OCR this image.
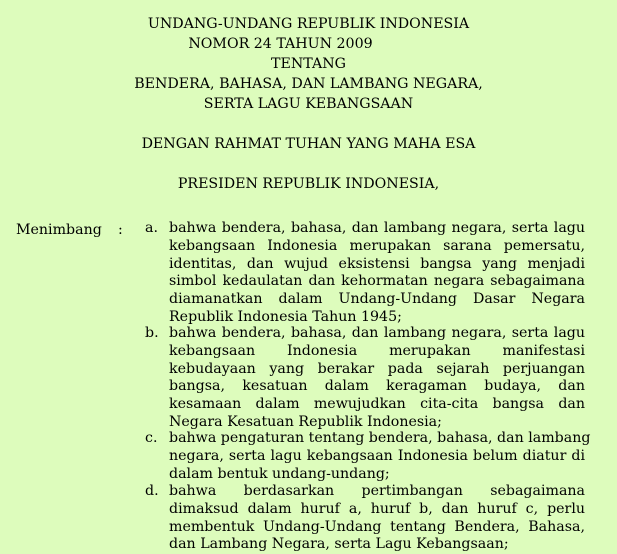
UNDANG-UNDANG REPUBLIK INDONESIA
NOMOR 24 TAHUN 2009
TENTANG
BENDERA, BAHASA, DAN LAMBANG NEGARA,
SERTA LAGU KEBANGSAAN
DENGAN RAHMAT TUHAN YANG MAHA ESA
PRESIDEN REPUBLIK INDONESIA,
Menimbang : a. bahwa bendera, bahasa, dan lambang negara, serta lagu
kebangsaan Indonesia merupakan sarana pemersatu,
identitas, dan wujud eksistensi bangsa yang menjadi
simbol kedaulatan dan kehormatan negara sebagaimana
diamanatkan dalam Undang-Undang Dasar Negara
Republik Indonesia Tahun 1945;
b. bahwa bendera, bahasa, dan lambang negara, serta lagu
kebangsaan Indonesia merupakan manifestasi
kebudayaan yang berakar pada sejarah perjuangan
bangsa, kesatuan dalam keragaman budaya, dan
kesamaan dalam mewujudkan cita-cita bangsa dan
Negara Kesatuan Republik Indonesia;
c. bahwa pengaturan tentang bendera, bahasa, dan lambang
negara, serta lagu kebangsaan Indonesia belum diatur di
dalam bentuk undang-undang;
d. bahwa berdasarkan pertimbangan sebagaimana
dimaksud dalam huruf a, huruf b, dan huruf c, perlu
membentuk Undang-Undang tentang Bendera, Bahasa,
dan Lambang Negara, serta Lagu Kebangsaan;
